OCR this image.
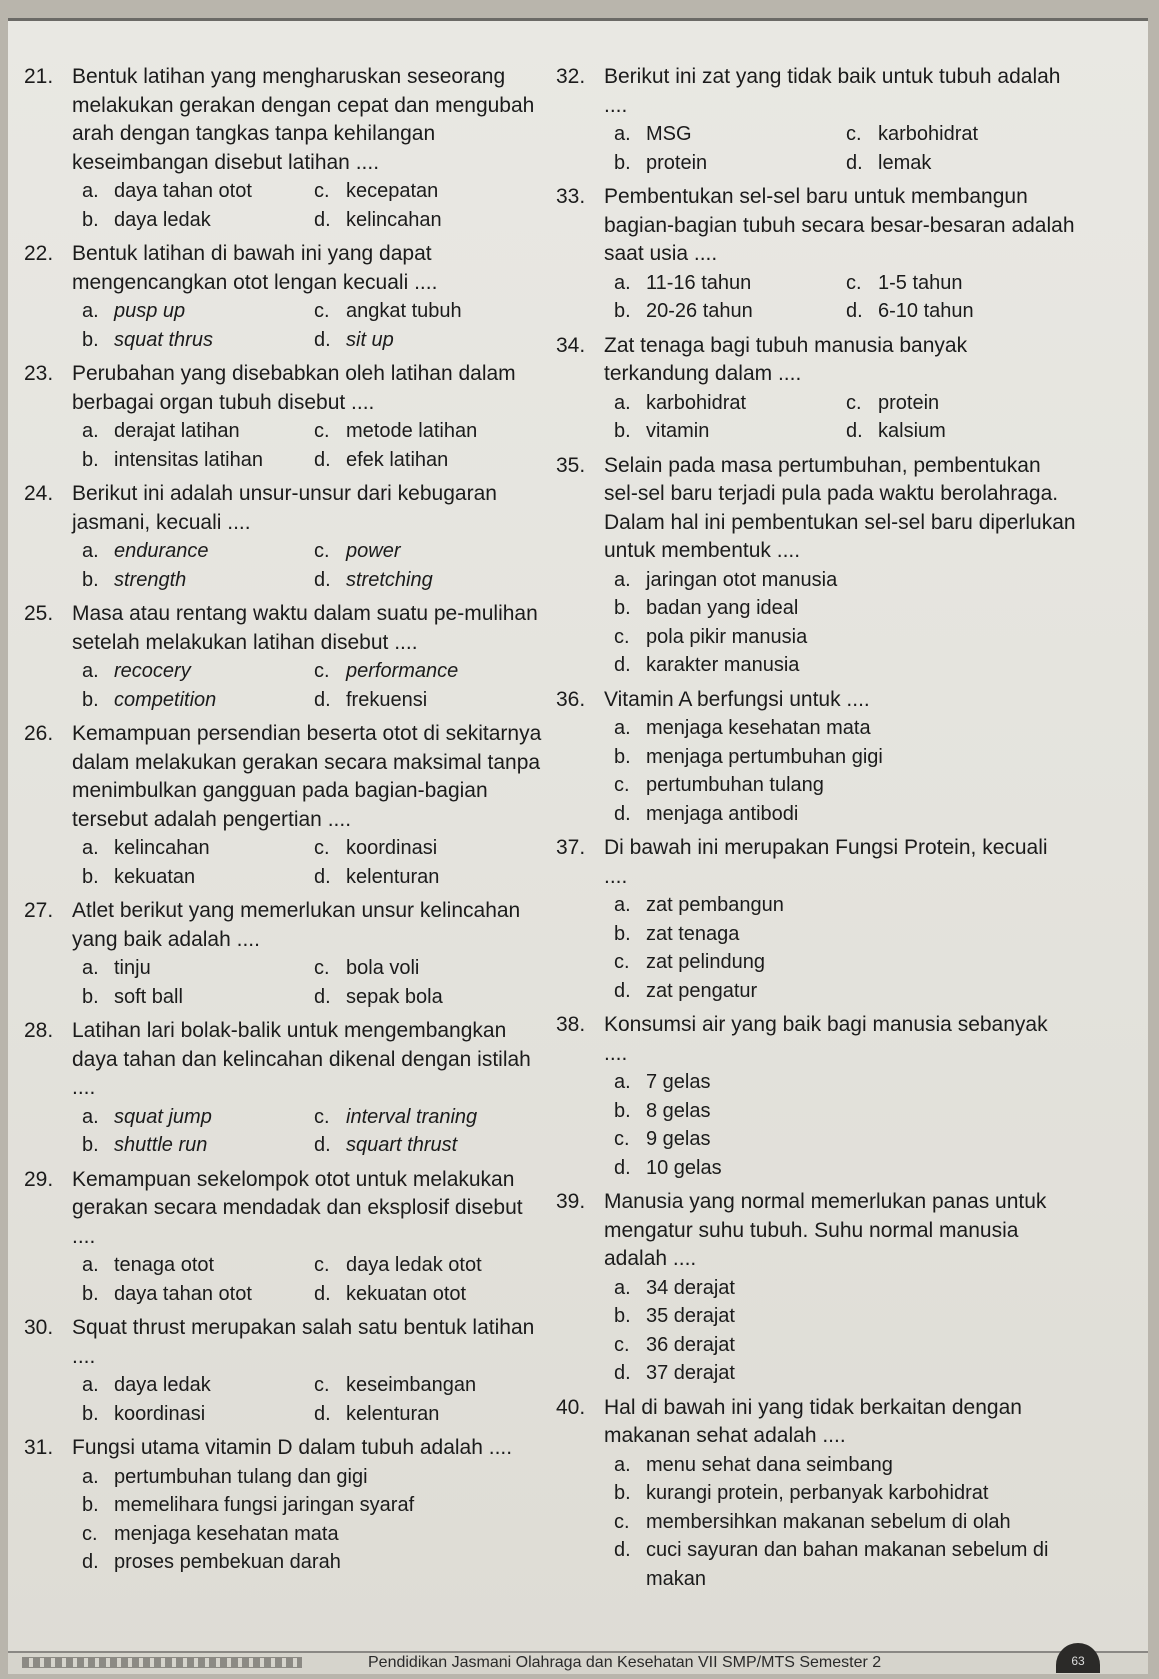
21. Bentuk latihan yang mengharuskan seseorang melakukan gerakan dengan cepat dan mengubah arah dengan tangkas tanpa kehilangan keseimbangan disebut latihan ....
a. daya tahan otot	c. kecepatan
b. daya ledak	d. kelincahan
22. Bentuk latihan di bawah ini yang dapat mengencangkan otot lengan kecuali ....
a. pusp up	c. angkat tubuh
b. squat thrus	d. sit up
23. Perubahan yang disebabkan oleh latihan dalam berbagai organ tubuh disebut ....
a. derajat latihan	c. metode latihan
b. intensitas latihan	d. efek latihan
24. Berikut ini adalah unsur-unsur dari kebugaran jasmani, kecuali ....
a. endurance	c. power
b. strength	d. stretching
25. Masa atau rentang waktu dalam suatu pe-mulihan setelah melakukan latihan disebut ....
a. recocery	c. performance
b. competition	d. frekuensi
26. Kemampuan persendian beserta otot di sekitarnya dalam melakukan gerakan secara maksimal tanpa menimbulkan gangguan pada bagian-bagian tersebut adalah pengertian ....
a. kelincahan	c. koordinasi
b. kekuatan	d. kelenturan
27. Atlet berikut yang memerlukan unsur kelincahan yang baik adalah ....
a. tinju	c. bola voli
b. soft ball	d. sepak bola
28. Latihan lari bolak-balik untuk mengembangkan daya tahan dan kelincahan dikenal dengan istilah ....
a. squat jump	c. interval traning
b. shuttle run	d. squart thrust
29. Kemampuan sekelompok otot untuk melakukan gerakan secara mendadak dan eksplosif disebut ....
a. tenaga otot	c. daya ledak otot
b. daya tahan otot	d. kekuatan otot
30. Squat thrust merupakan salah satu bentuk latihan ....
a. daya ledak	c. keseimbangan
b. koordinasi	d. kelenturan
31. Fungsi utama vitamin D dalam tubuh adalah ....
a. pertumbuhan tulang dan gigi
b. memelihara fungsi jaringan syaraf
c. menjaga kesehatan mata
d. proses pembekuan darah
32. Berikut ini zat yang tidak baik untuk tubuh adalah ....
a. MSG	c. karbohidrat
b. protein	d. lemak
33. Pembentukan sel-sel baru untuk membangun bagian-bagian tubuh secara besar-besaran adalah saat usia ....
a. 11-16 tahun	c. 1-5 tahun
b. 20-26 tahun	d. 6-10 tahun
34. Zat tenaga bagi tubuh manusia banyak terkandung dalam ....
a. karbohidrat	c. protein
b. vitamin	d. kalsium
35. Selain pada masa pertumbuhan, pembentukan sel-sel baru terjadi pula pada waktu berolahraga. Dalam hal ini pembentukan sel-sel baru diperlukan untuk membentuk ....
a. jaringan otot manusia
b. badan yang ideal
c. pola pikir manusia
d. karakter manusia
36. Vitamin A berfungsi untuk ....
a. menjaga kesehatan mata
b. menjaga pertumbuhan gigi
c. pertumbuhan tulang
d. menjaga antibodi
37. Di bawah ini merupakan Fungsi Protein, kecuali ....
a. zat pembangun
b. zat tenaga
c. zat pelindung
d. zat pengatur
38. Konsumsi air yang baik bagi manusia sebanyak ....
a. 7 gelas
b. 8 gelas
c. 9 gelas
d. 10 gelas
39. Manusia yang normal memerlukan panas untuk mengatur suhu tubuh. Suhu normal manusia adalah ....
a. 34 derajat
b. 35 derajat
c. 36 derajat
d. 37 derajat
40. Hal di bawah ini yang tidak berkaitan dengan makanan sehat adalah ....
a. menu sehat dana seimbang
b. kurangi protein, perbanyak karbohidrat
c. membersihkan makanan sebelum di olah
d. cuci sayuran dan bahan makanan sebelum di makan
Pendidikan Jasmani Olahraga dan Kesehatan VII SMP/MTS Semester 2	63
